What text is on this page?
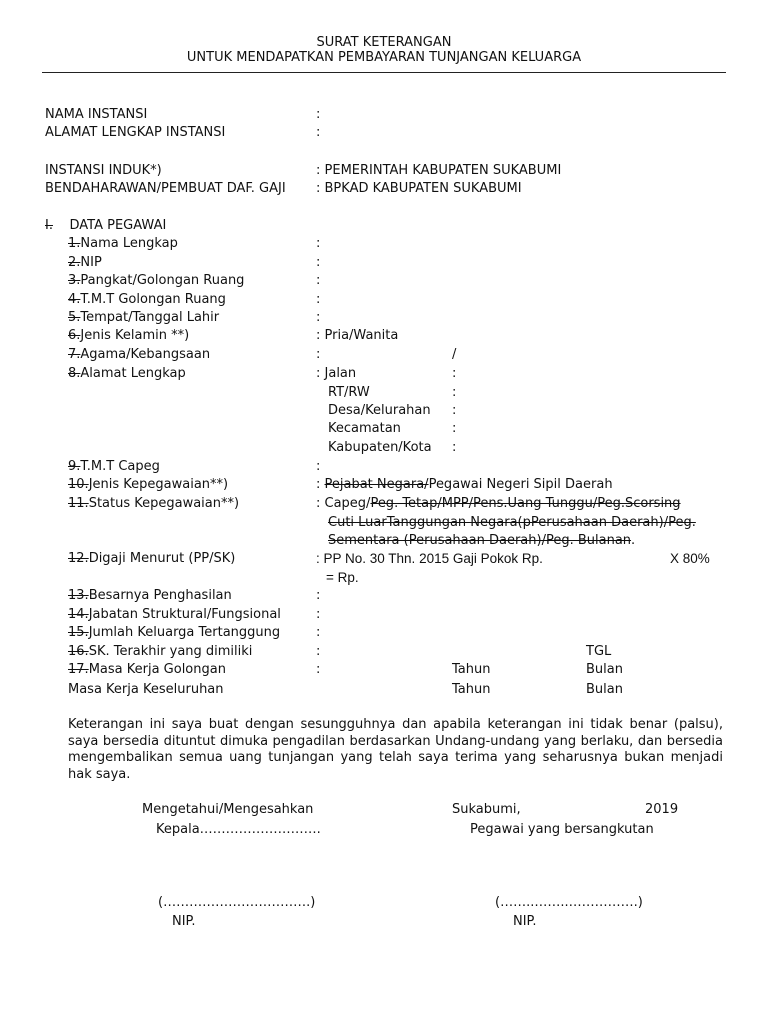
SURAT KETERANGAN
UNTUK MENDAPATKAN PEMBAYARAN TUNJANGAN KELUARGA
NAMA INSTANSI	:
ALAMAT LENGKAP INSTANSI	:
INSTANSI INDUK*)	: PEMERINTAH KABUPATEN SUKABUMI
BENDAHARAWAN/PEMBUAT DAF. GAJI : BPKAD KABUPATEN SUKABUMI
I. DATA PEGAWAI
1.Nama Lengkap	:
2.NIP	:
3.Pangkat/Golongan Ruang	:
4.T.M.T Golongan Ruang	:
5.Tempat/Tanggal Lahir	:
6.Jenis Kelamin **)	: Pria/Wanita
7.Agama/Kebangsaan	:	/
8.Alamat Lengkap	: Jalan	:
RT/RW	:
Desa/Kelurahan :
Kecamatan	:
Kabupaten/Kota :
9.T.M.T Capeg	:
10.Jenis Kepegawaian**)	: Pejabat Negara/Pegawai Negeri Sipil Daerah
11.Status Kepegawaian**)	: Capeg/Peg. Tetap/MPP/Pens.Uang Tunggu/Peg.Scorsing
Cuti LuarTanggungan Negara(pPerusahaan Daerah)/Peg.
Sementara (Perusahaan Daerah)/Peg. Bulanan.
12.Digaji Menurut (PP/SK)	: PP No. 30 Thn. 2015 Gaji Pokok Rp.	X 80%
= Rp.
13.Besarnya Penghasilan	:
14.Jabatan Struktural/Fungsional	:
15.Jumlah Keluarga Tertanggung	:
16.SK. Terakhir yang dimiliki	:	TGL
17.Masa Kerja Golongan	:	Tahun	Bulan
Masa Kerja Keseluruhan	Tahun	Bulan
Keterangan ini saya buat dengan sesungguhnya dan apabila keterangan ini tidak benar (palsu), saya bersedia dituntut dimuka pengadilan berdasarkan Undang-undang yang berlaku, dan bersedia mengembalikan semua uang tunjangan yang telah saya terima yang seharusnya bukan menjadi hak saya.
Mengetahui/Mengesahkan
Kepala……………………….
Sukabumi,	2019
Pegawai yang bersangkutan
(…………………………….)
NIP.
(……..……..…………….)
NIP.
